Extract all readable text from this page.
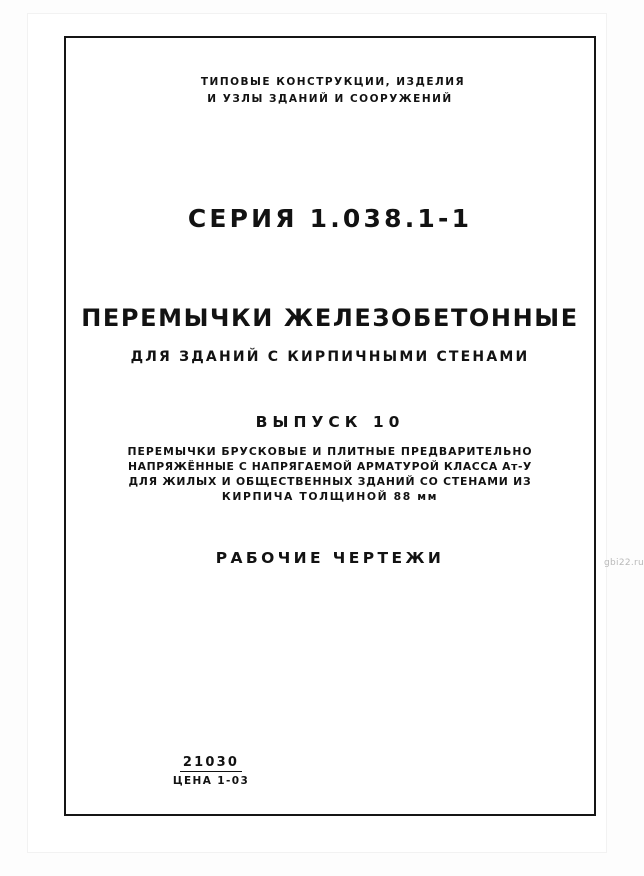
ТИПОВЫЕ КОНСТРУКЦИИ, ИЗДЕЛИЯ
И УЗЛЫ ЗДАНИЙ И СООРУЖЕНИЙ
СЕРИЯ 1.038.1-1
ПЕРЕМЫЧКИ ЖЕЛЕЗОБЕТОННЫЕ
ДЛЯ ЗДАНИЙ С КИРПИЧНЫМИ СТЕНАМИ
ВЫПУСК 10
ПЕРЕМЫЧКИ БРУСКОВЫЕ И ПЛИТНЫЕ ПРЕДВАРИТЕЛЬНО
НАПРЯЖЁННЫЕ С НАПРЯГАЕМОЙ АРМАТУРОЙ КЛАССА Ат-У
ДЛЯ ЖИЛЫХ И ОБЩЕСТВЕННЫХ ЗДАНИЙ СО СТЕНАМИ ИЗ
КИРПИЧА ТОЛЩИНОЙ 88 мм
РАБОЧИЕ ЧЕРТЕЖИ
21030
ЦЕНА 1-03
gbi22.ru
